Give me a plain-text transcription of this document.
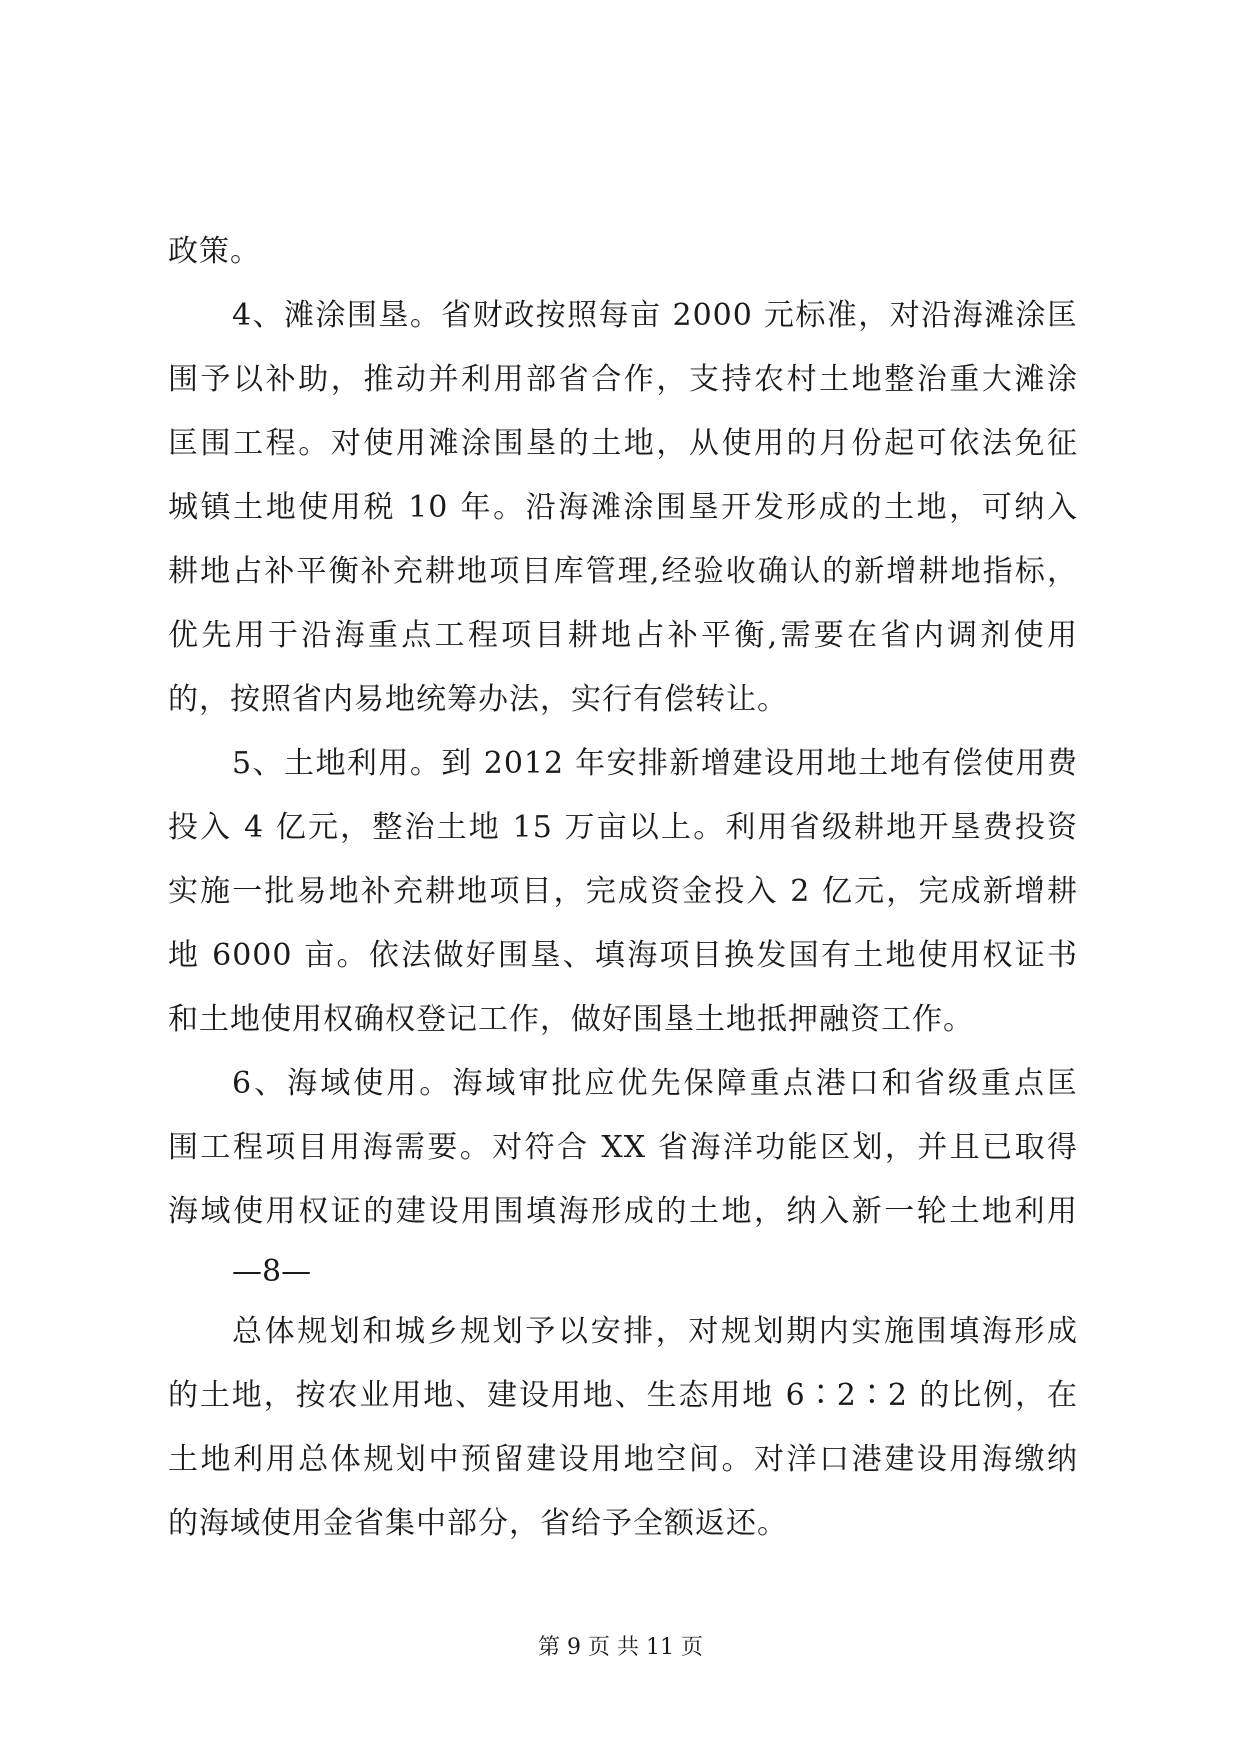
政策。
4、滩涂围垦。省财政按照每亩 2000 元标准，对沿海滩涂匡
围予以补助，推动并利用部省合作，支持农村土地整治重大滩涂
匡围工程。对使用滩涂围垦的土地，从使用的月份起可依法免征
城镇土地使用税 10 年。沿海滩涂围垦开发形成的土地，可纳入
耕地占补平衡补充耕地项目库管理,经验收确认的新增耕地指标，
优先用于沿海重点工程项目耕地占补平衡,需要在省内调剂使用
的，按照省内易地统筹办法，实行有偿转让。
5、土地利用。到 2012 年安排新增建设用地土地有偿使用费
投入 4 亿元，整治土地 15 万亩以上。利用省级耕地开垦费投资
实施一批易地补充耕地项目，完成资金投入 2 亿元，完成新增耕
地 6000 亩。依法做好围垦、填海项目换发国有土地使用权证书
和土地使用权确权登记工作，做好围垦土地抵押融资工作。
6、海域使用。海域审批应优先保障重点港口和省级重点匡
围工程项目用海需要。对符合 XX 省海洋功能区划，并且已取得
海域使用权证的建设用围填海形成的土地，纳入新一轮土地利用
—8—
总体规划和城乡规划予以安排，对规划期内实施围填海形成
的土地，按农业用地、建设用地、生态用地 6∶2∶2 的比例，在
土地利用总体规划中预留建设用地空间。对洋口港建设用海缴纳
的海域使用金省集中部分，省给予全额返还。
第 9 页 共 11 页
